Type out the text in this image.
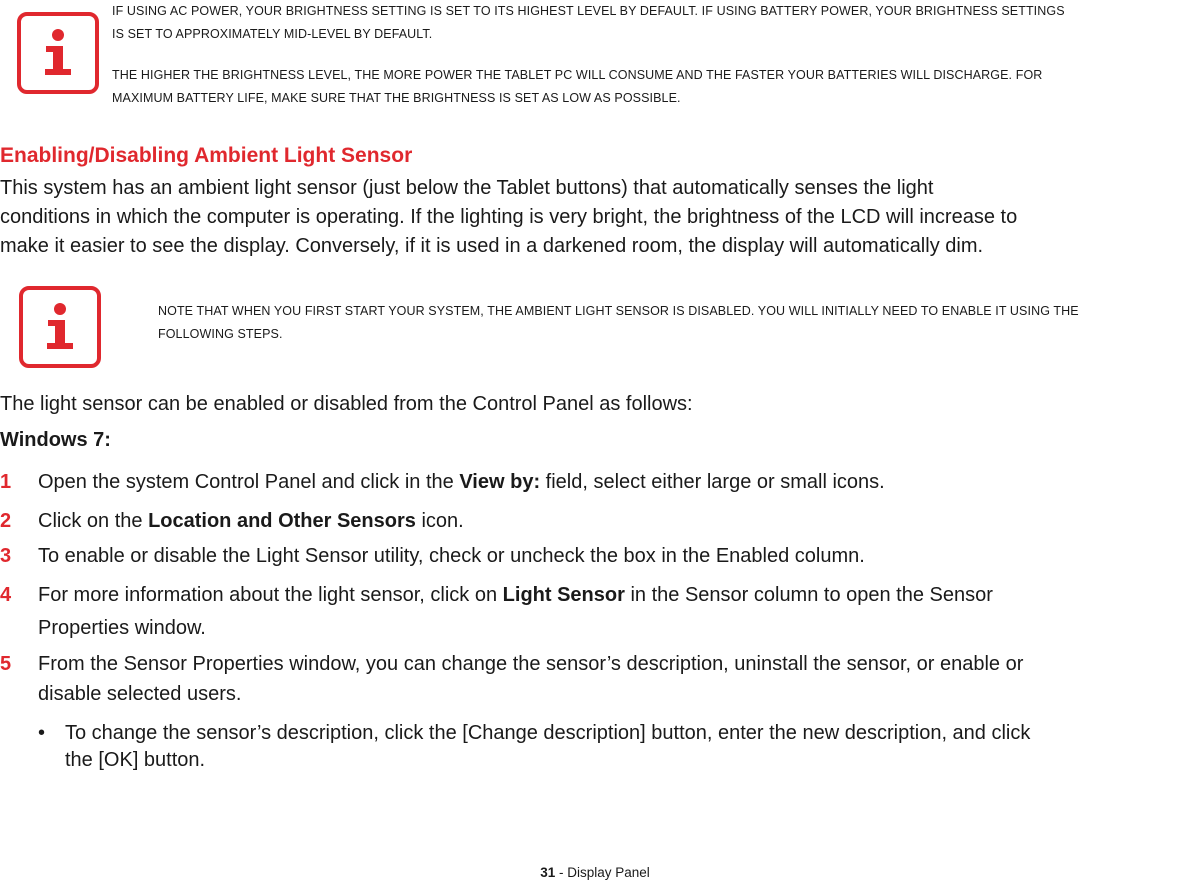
IF USING AC POWER, YOUR BRIGHTNESS SETTING IS SET TO ITS HIGHEST LEVEL BY DEFAULT. IF USING BATTERY POWER, YOUR BRIGHTNESS SETTINGS
IS SET TO APPROXIMATELY MID-LEVEL BY DEFAULT.
THE HIGHER THE BRIGHTNESS LEVEL, THE MORE POWER THE TABLET PC WILL CONSUME AND THE FASTER YOUR BATTERIES WILL DISCHARGE. FOR
MAXIMUM BATTERY LIFE, MAKE SURE THAT THE BRIGHTNESS IS SET AS LOW AS POSSIBLE.
Enabling/Disabling Ambient Light Sensor
This system has an ambient light sensor (just below the Tablet buttons) that automatically senses the light
conditions in which the computer is operating. If the lighting is very bright, the brightness of the LCD will increase to
make it easier to see the display. Conversely, if it is used in a darkened room, the display will automatically dim.
NOTE THAT WHEN YOU FIRST START YOUR SYSTEM, THE AMBIENT LIGHT SENSOR IS DISABLED. YOU WILL INITIALLY NEED TO ENABLE IT USING THE
FOLLOWING STEPS.
The light sensor can be enabled or disabled from the Control Panel as follows:
Windows 7:
1 Open the system Control Panel and click in the View by: field, select either large or small icons.
2 Click on the Location and Other Sensors icon.
3 To enable or disable the Light Sensor utility, check or uncheck the box in the Enabled column.
4 For more information about the light sensor, click on Light Sensor in the Sensor column to open the Sensor
Properties window.
5 From the Sensor Properties window, you can change the sensor’s description, uninstall the sensor, or enable or
disable selected users.
• To change the sensor’s description, click the [Change description] button, enter the new description, and click
the [OK] button.
31 - Display Panel
